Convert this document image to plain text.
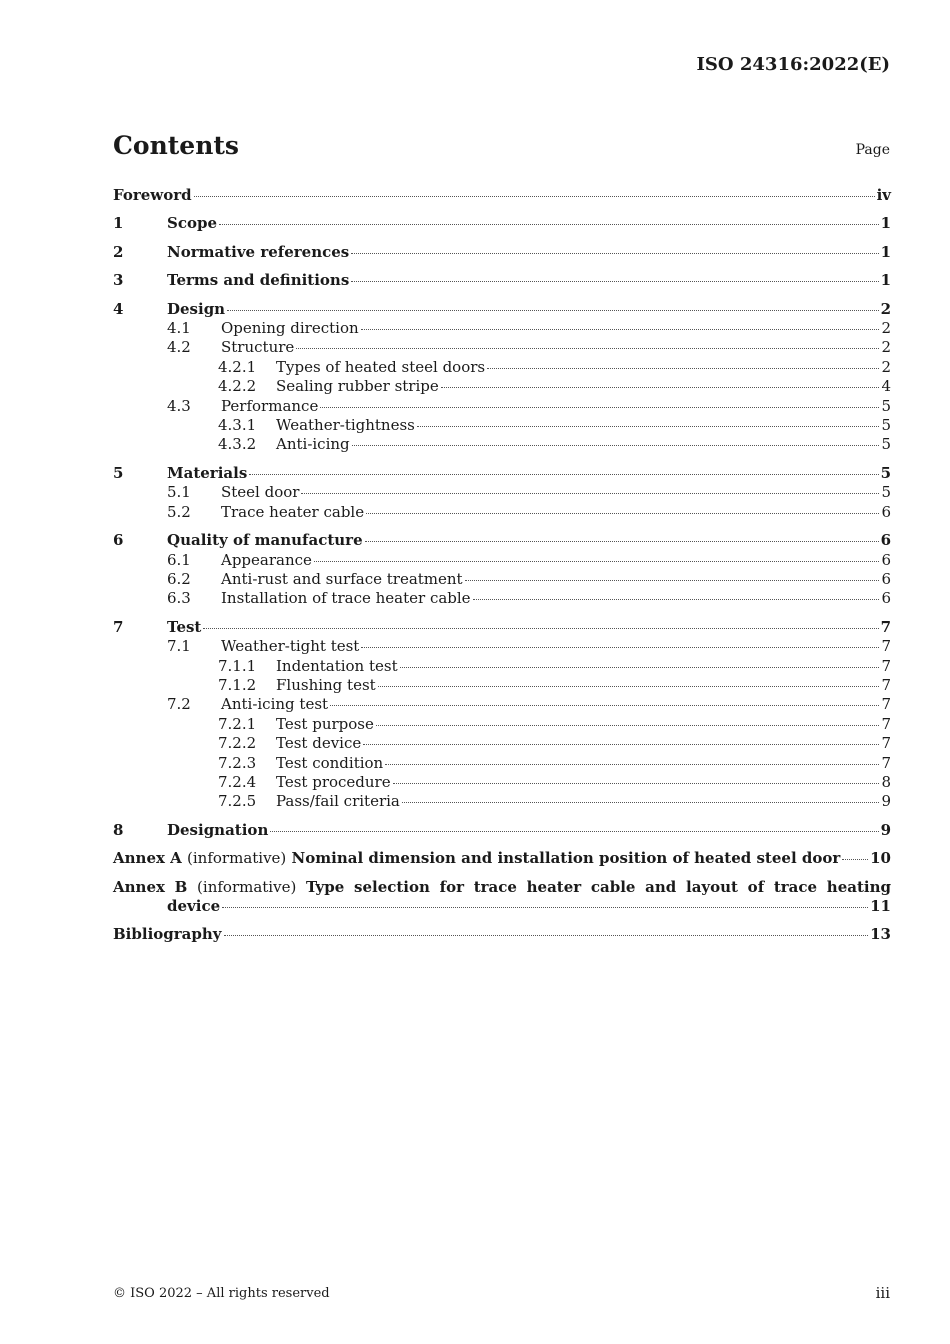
ISO 24316:2022(E)
Contents	Page
Foreword	iv
1	Scope	1
2	Normative references	1
3	Terms and definitions	1
4	Design	2
4.1	Opening direction	2
4.2	Structure	2
4.2.1	Types of heated steel doors	2
4.2.2	Sealing rubber stripe	4
4.3	Performance	5
4.3.1	Weather-tightness	5
4.3.2	Anti-icing	5
5	Materials	5
5.1	Steel door	5
5.2	Trace heater cable	6
6	Quality of manufacture	6
6.1	Appearance	6
6.2	Anti-rust and surface treatment	6
6.3	Installation of trace heater cable	6
7	Test	7
7.1	Weather-tight test	7
7.1.1	Indentation test	7
7.1.2	Flushing test	7
7.2	Anti-icing test	7
7.2.1	Test purpose	7
7.2.2	Test device	7
7.2.3	Test condition	7
7.2.4	Test procedure	8
7.2.5	Pass/fail criteria	9
8	Designation	9
Annex A (informative) Nominal dimension and installation position of heated steel door 10
Annex B (informative) Type selection for trace heater cable and layout of trace heating
device	11
Bibliography	13
© ISO 2022 – All rights reserved	iii
